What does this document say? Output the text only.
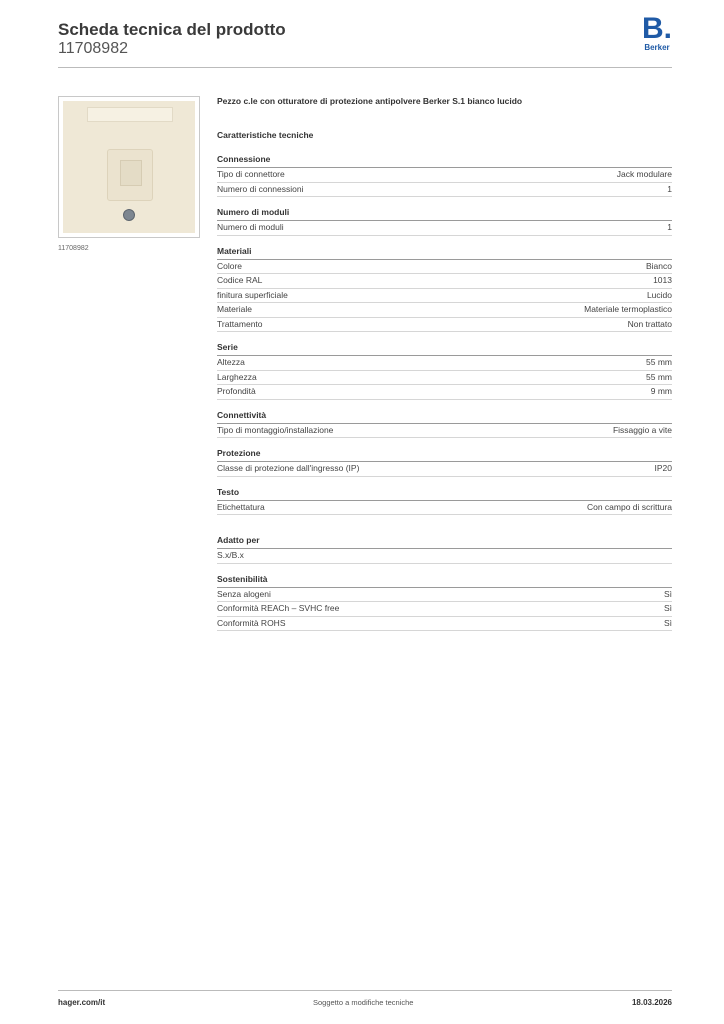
Scheda tecnica del prodotto
11708982
B.
Berker
11708982
Pezzo c.le con otturatore di protezione antipolvere Berker S.1 bianco lucido
Caratteristiche tecniche
Connessione
Tipo di connettore	Jack modulare
Numero di connessioni	1
Numero di moduli
Numero di moduli	1
Materiali
Colore	Bianco
Codice RAL	1013
finitura superficiale	Lucido
Materiale	Materiale termoplastico
Trattamento	Non trattato
Serie
Altezza	55 mm
Larghezza	55 mm
Profondità	9 mm
Connettività
Tipo di montaggio/installazione	Fissaggio a vite
Protezione
Classe di protezione dall'ingresso (IP)	IP20
Testo
Etichettatura	Con campo di scrittura
Adatto per
S.x/B.x
Sostenibilità
Senza alogeni	Sì
Conformità REACh – SVHC free	Sì
Conformità ROHS	Sì
hager.com/it	Soggetto a modifiche tecniche	18.03.2026
